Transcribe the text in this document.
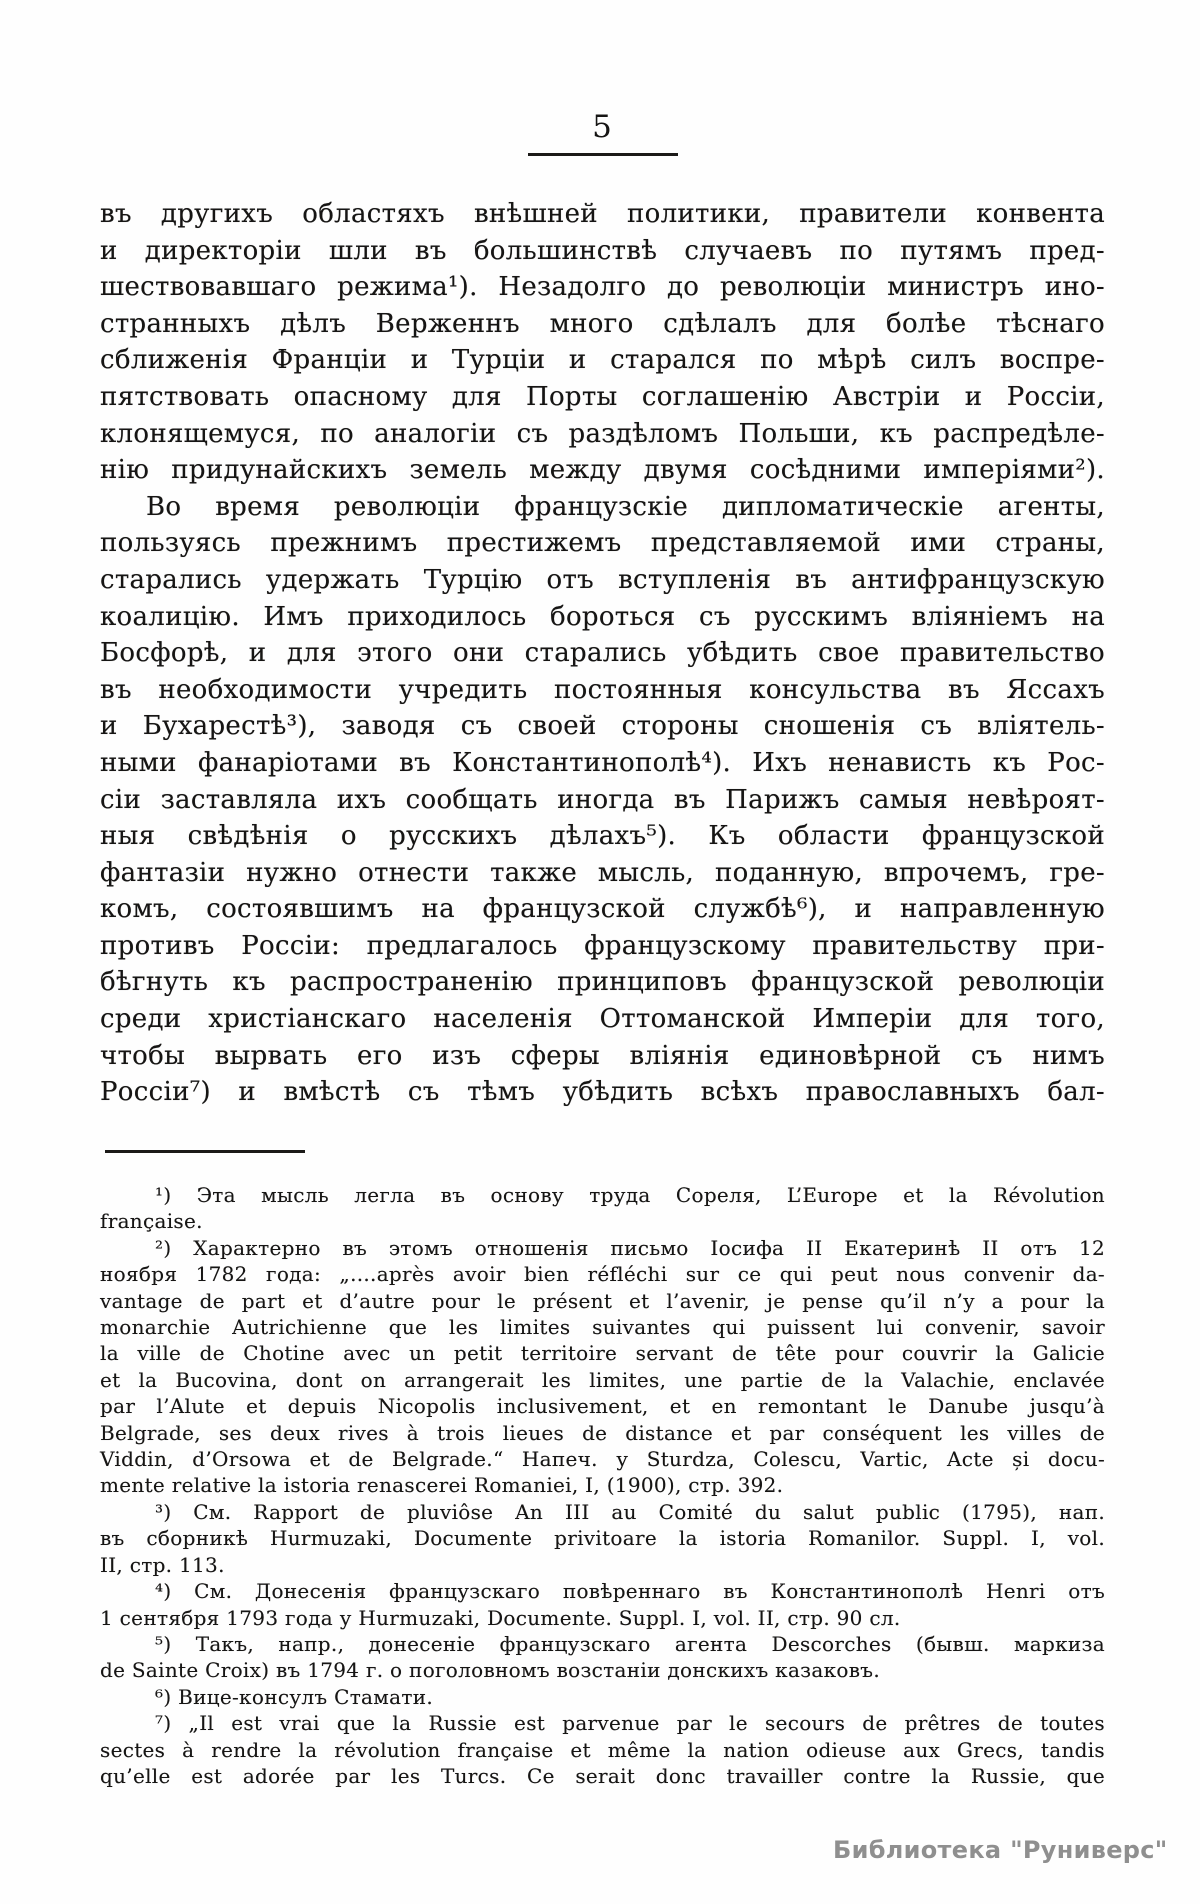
5
въ другихъ областяхъ внѣшней политики, правители конвента
и директоріи шли въ большинствѣ случаевъ по путямъ пред-
шествовавшаго режима¹). Незадолго до революціи министръ ино-
странныхъ дѣлъ Верженнъ много сдѣлалъ для болѣе тѣснаго
сближенія Франціи и Турціи и старался по мѣрѣ силъ воспре-
пятствовать опасному для Порты соглашенію Австріи и Россіи,
клонящемуся, по аналогіи съ раздѣломъ Польши, къ распредѣле-
нію придунайскихъ земель между двумя сосѣдними имперіями²).
Во время революціи французскіе дипломатическіе агенты,
пользуясь прежнимъ престижемъ представляемой ими страны,
старались удержать Турцію отъ вступленія въ антифранцузскую
коалицію. Имъ приходилось бороться съ русскимъ вліяніемъ на
Босфорѣ, и для этого они старались убѣдить свое правительство
въ необходимости учредить постоянныя консульства въ Яссахъ
и Бухарестѣ³), заводя съ своей стороны сношенія съ вліятель-
ными фанаріотами въ Константинополѣ⁴). Ихъ ненависть къ Рос-
сіи заставляла ихъ сообщать иногда въ Парижъ самыя невѣроят-
ныя свѣдѣнія о русскихъ дѣлахъ⁵). Къ области французской
фантазіи нужно отнести также мысль, поданную, впрочемъ, гре-
комъ, состоявшимъ на французской службѣ⁶), и направленную
противъ Россіи: предлагалось французскому правительству при-
бѣгнуть къ распространенію принциповъ французской революціи
среди христіанскаго населенія Оттоманской Имперіи для того,
чтобы вырвать его изъ сферы вліянія единовѣрной съ нимъ
Россіи⁷) и вмѣстѣ съ тѣмъ убѣдить всѣхъ православныхъ бал-
¹) Эта мысль легла въ основу труда Сореля, L’Europe et la Révolution
française.
²) Характерно въ этомъ отношенія письмо Іосифа II Екатеринѣ II отъ 12
ноября 1782 года: „....après avoir bien réfléchi sur ce qui peut nous convenir da-
vantage de part et d’autre pour le présent et l’avenir, je pense qu’il n’y a pour la
monarchie Autrichienne que les limites suivantes qui puissent lui convenir, savoir
la ville de Chotine avec un petit territoire servant de tête pour couvrir la Galicie
et la Bucovina, dont on arrangerait les limites, une partie de la Valachie, enclavée
par l’Alute et depuis Nicopolis inclusivement, et en remontant le Danube jusqu’à
Belgrade, ses deux rives à trois lieues de distance et par conséquent les villes de
Viddin, d’Orsowa et de Belgrade.“ Напеч. у Sturdza, Colescu, Vartic, Acte și docu-
mente relative la istoria renascerei Romaniei, I, (1900), стр. 392.
³) См. Rapport de pluviôse An III au Comité du salut public (1795), нап.
въ сборникѣ Hurmuzaki, Documente privitoare la istoria Romanilor. Suppl. I, vol.
II, стр. 113.
⁴) См. Донесенія французскаго повѣреннаго въ Константинополѣ Henri отъ
1 сентября 1793 года у Hurmuzaki, Documente. Suppl. I, vol. II, стр. 90 сл.
⁵) Такъ, напр., донесеніе французскаго агента Descorches (бывш. маркиза
de Sainte Croix) въ 1794 г. о поголовномъ возстаніи донскихъ казаковъ.
⁶) Вице-консулъ Стамати.
⁷) „Il est vrai que la Russie est parvenue par le secours de prêtres de toutes
sectes à rendre la révolution française et même la nation odieuse aux Grecs, tandis
qu’elle est adorée par les Turcs. Ce serait donc travailler contre la Russie, que
Библиотека "Руниверс"
